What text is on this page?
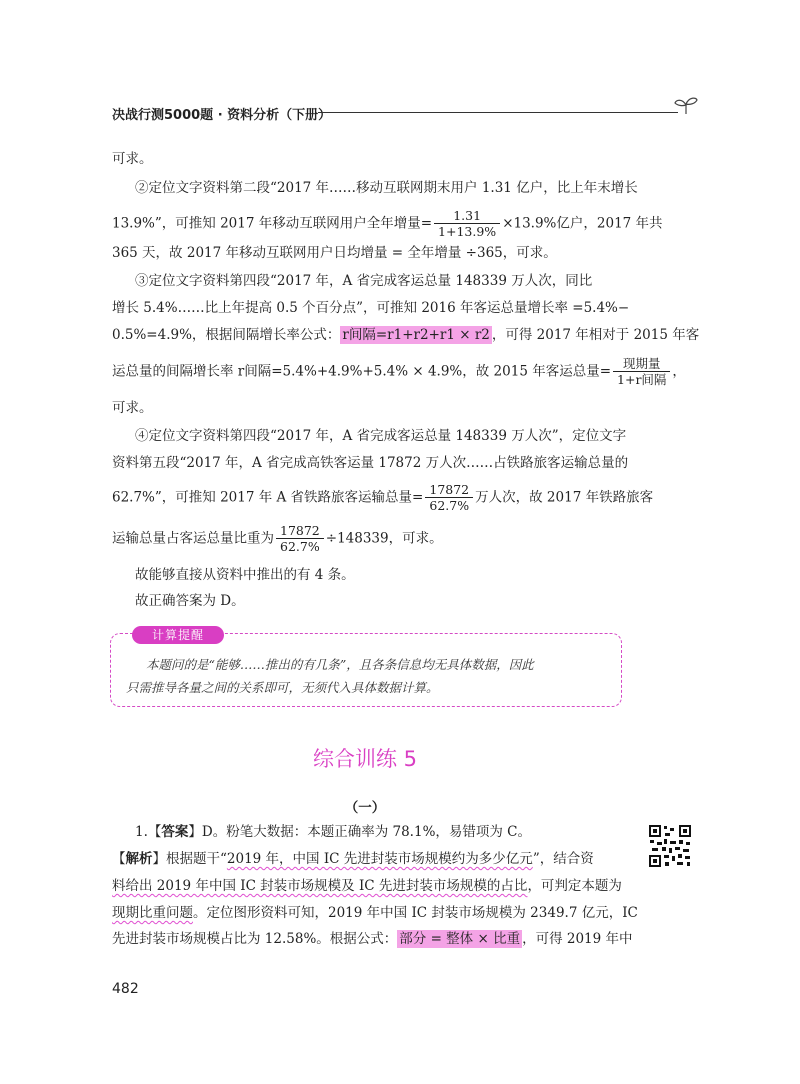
决战行测5000题 · 资料分析（下册）
可求。
②定位文字资料第二段“2017 年……移动互联网期末用户 1.31 亿户，比上年末增长
13.9%”，可推知 2017 年移动互联网用户全年增量= $\frac{1.31}{1+13.9\%} \times 13.9\%$亿户，2017 年共
365 天，故 2017 年移动互联网用户日均增量 = 全年增量 ÷365，可求。
③定位文字资料第四段“2017 年，A 省完成客运总量 148339 万人次，同比
增长 5.4%……比上年提高 0.5 个百分点”，可推知 2016 年客运总量增长率 =5.4%−
0.5%=4.9%，根据间隔增长率公式： r间隔=r1+r2+r1 × r2 ，可得 2017 年相对于 2015 年客
运总量的间隔增长率 r间隔=5.4%+4.9%+5.4% × 4.9%，故 2015 年客运总量= $\frac{\text{现期量}}{\text{1+r间隔}}$ ，
可求。
④定位文字资料第四段“2017 年，A 省完成客运总量 148339 万人次”，定位文字
资料第五段“2017 年，A 省完成高铁客运量 17872 万人次……占铁路旅客运输总量的
62.7%”，可推知 2017 年 A 省铁路旅客运输总量= $\frac{17872}{62.7\%}$ 万人次，故 2017 年铁路旅客
运输总量占客运总量比重为 $\frac{17872}{62.7\%} \div 148339$，可求。
故能够直接从资料中推出的有 4 条。
故正确答案为 D。
计算提醒
本题问的是“能够……推出的有几条”，且各条信息均无具体数据，因此
只需推导各量之间的关系即可，无须代入具体数据计算。
综合训练 5
（一）
1.【答案】D。粉笔大数据：本题正确率为 78.1%，易错项为 C。
【解析】根据题干“2019 年，中国 IC 先进封装市场规模约为多少亿元”，结合资
料给出 2019 年中国 IC 封装市场规模及 IC 先进封装市场规模的占比，可判定本题为
现期比重问题。定位图形资料可知，2019 年中国 IC 封装市场规模为 2349.7 亿元，IC
先进封装市场规模占比为 12.58%。根据公式： 部分 = 整体 × 比重 ，可得 2019 年中
482
